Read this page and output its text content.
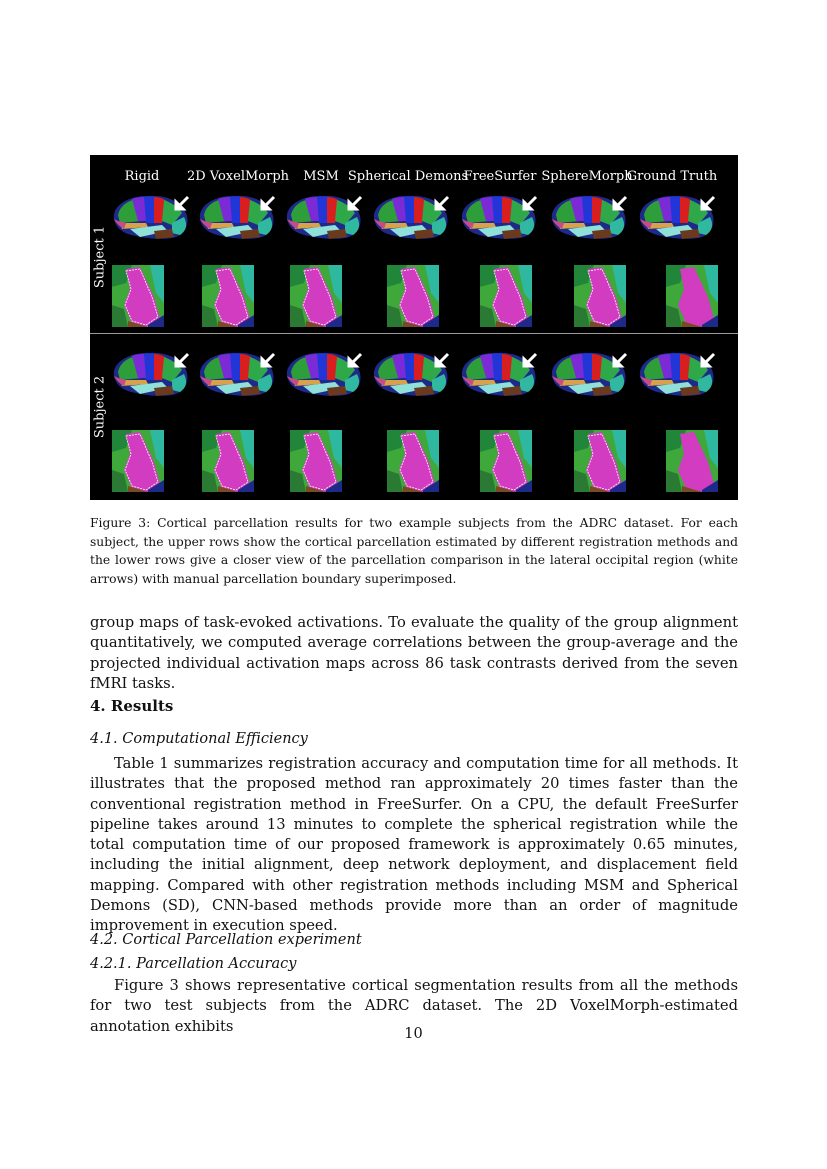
Rigid 2D VoxelMorph MSM Spherical Demons
FreeSurfer SphereMorph
Ground Truth
Subject 1
Subject 2
Figure 3: Cortical parcellation results for two example subjects from the ADRC dataset. For each subject, the upper rows show the cortical parcellation estimated by different registration methods and the lower rows give a closer view of the parcellation comparison in the lateral occipital region (white arrows) with manual parcellation boundary superimposed.
group maps of task-evoked activations. To evaluate the quality of the group alignment quantitatively, we computed average correlations between the group-average and the projected individual activation maps across 86 task contrasts derived from the seven fMRI tasks.
4. Results
4.1. Computational Efficiency
Table 1 summarizes registration accuracy and computation time for all methods. It illustrates that the proposed method ran approximately 20 times faster than the conventional registration method in FreeSurfer. On a CPU, the default FreeSurfer pipeline takes around 13 minutes to complete the spherical registration while the total computation time of our proposed framework is approximately 0.65 minutes, including the initial alignment, deep network deployment, and displacement field mapping. Compared with other registration methods including MSM and Spherical Demons (SD), CNN-based methods provide more than an order of magnitude improvement in execution speed.
4.2. Cortical Parcellation experiment
4.2.1. Parcellation Accuracy
Figure 3 shows representative cortical segmentation results from all the methods for two test subjects from the ADRC dataset. The 2D VoxelMorph-estimated annotation exhibits	10
